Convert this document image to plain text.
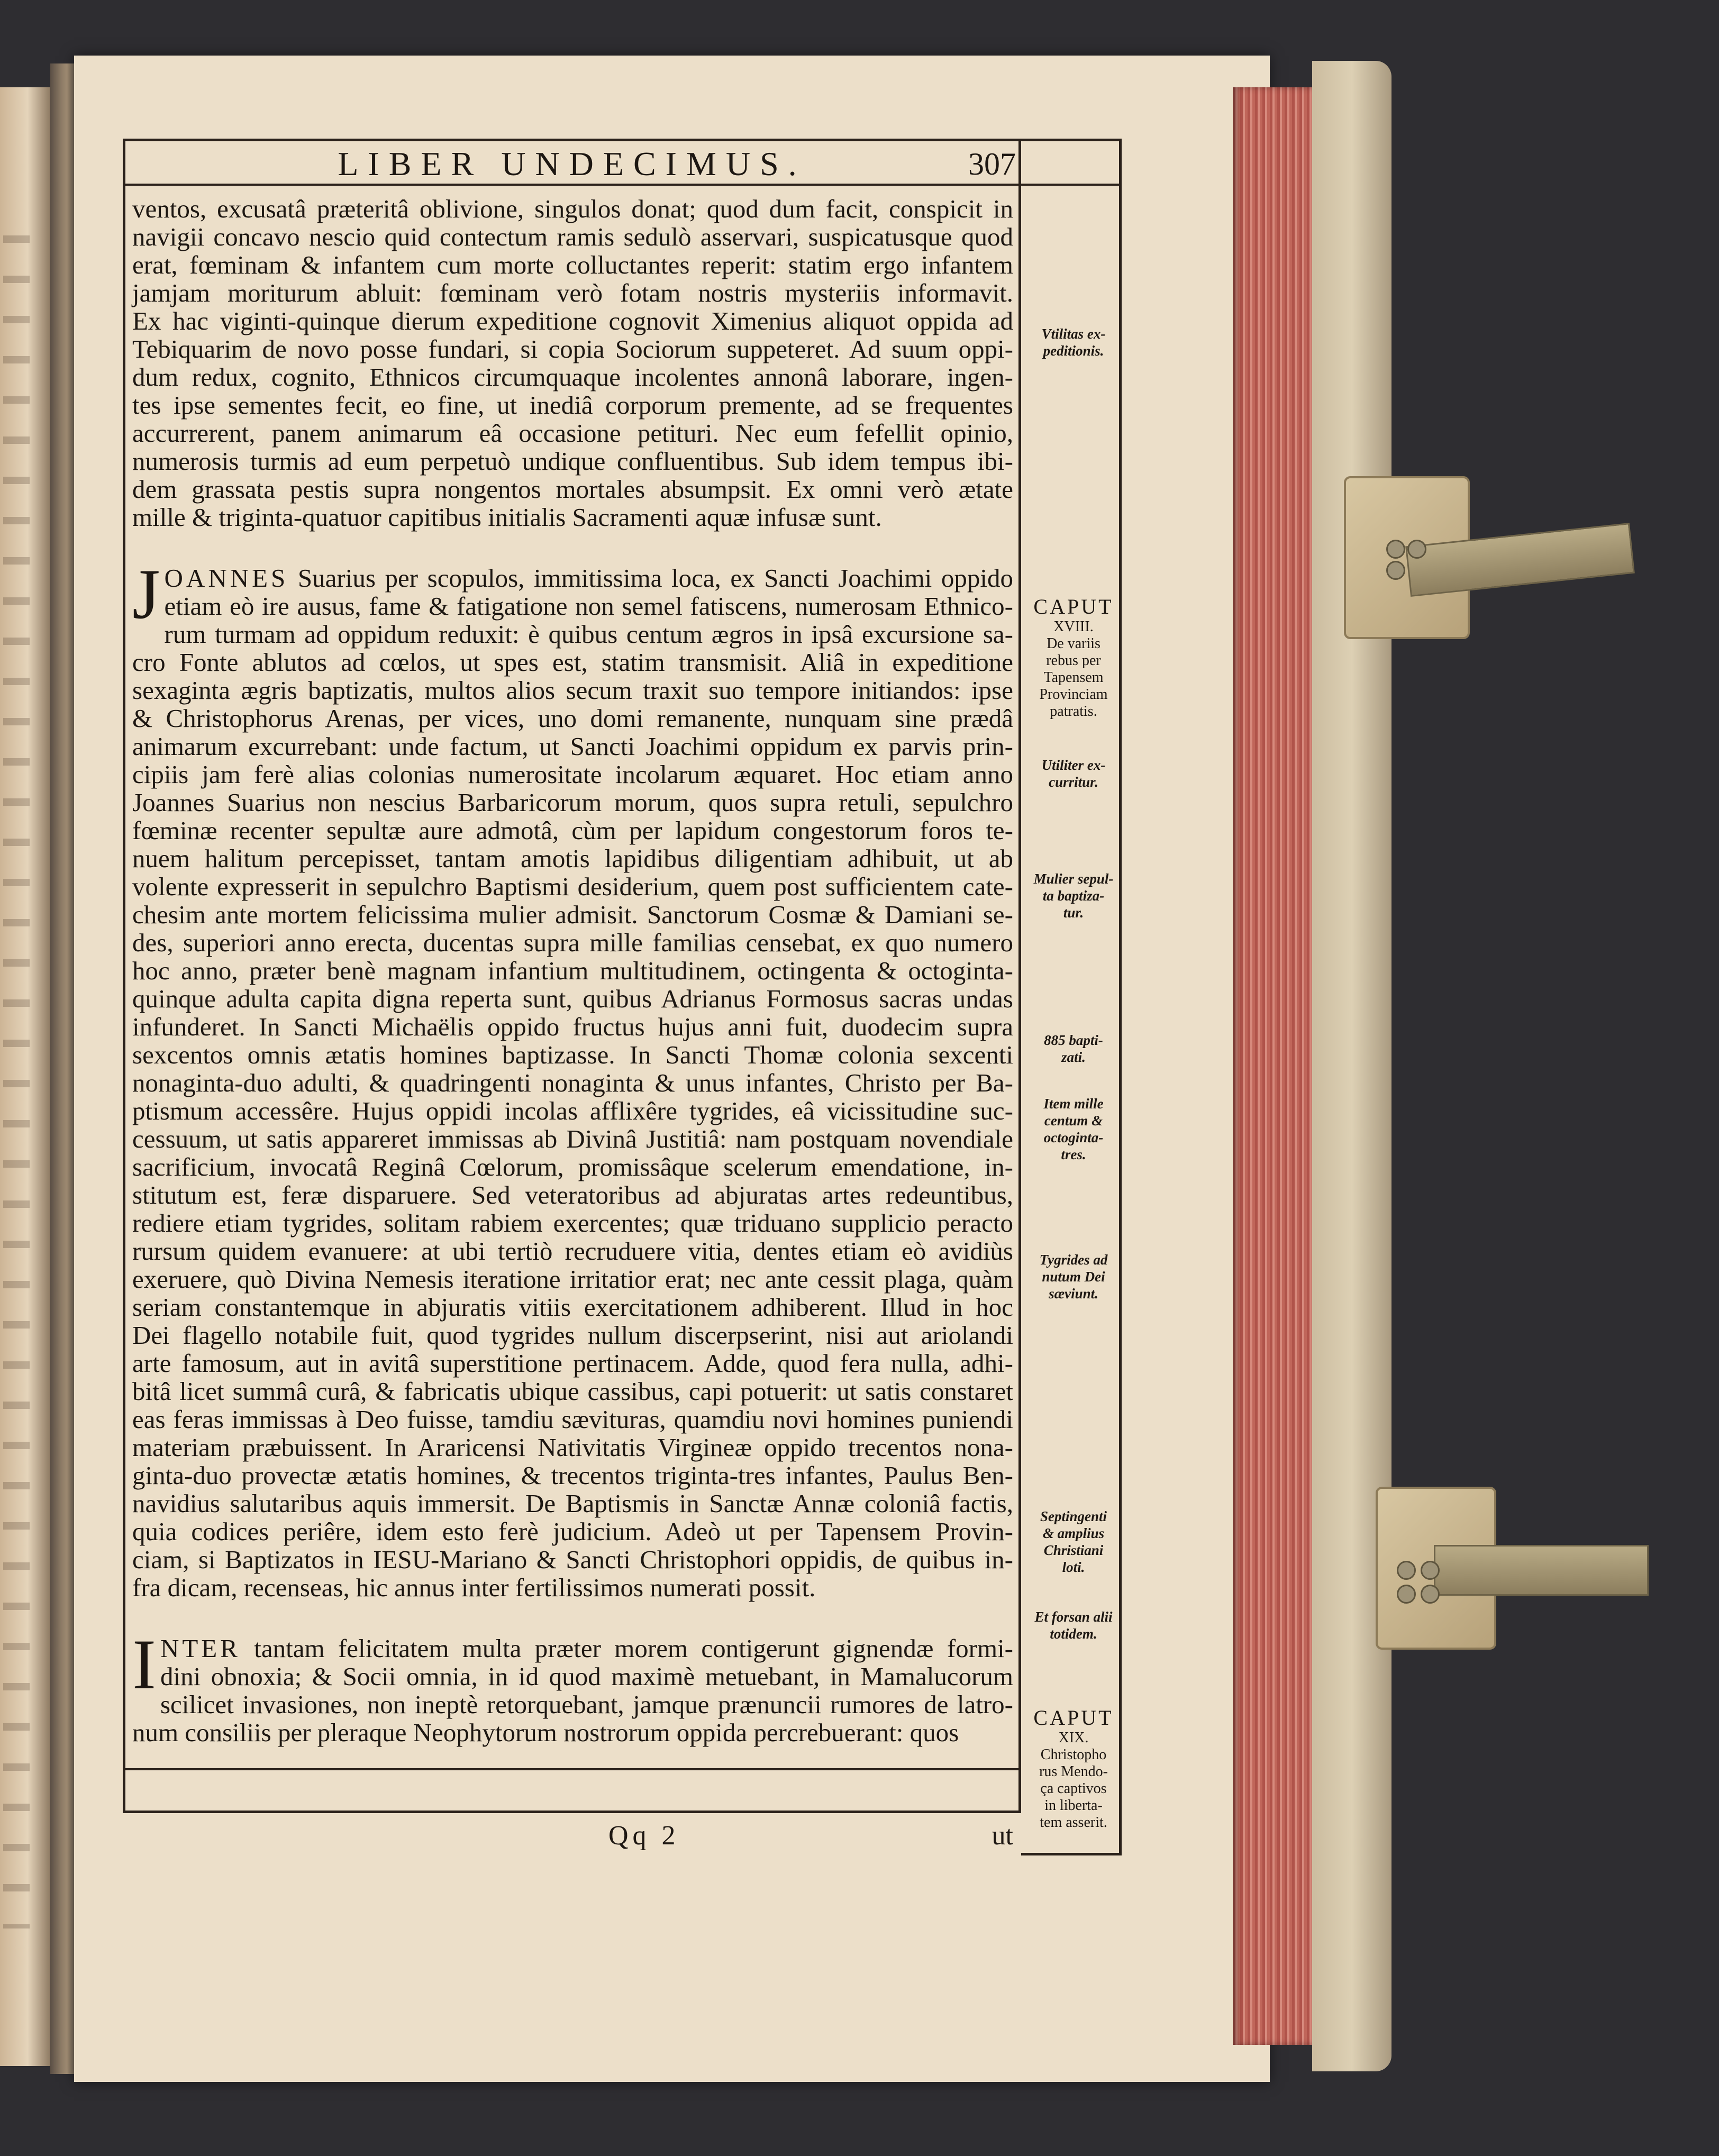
LIBER UNDECIMUS.	307
ventos, excusatâ præteritâ oblivione, singulos donat; quod dum facit, conspicit in
navigii concavo nescio quid contectum ramis sedulò asservari, suspicatusque quod
erat, fœminam & infantem cum morte colluctantes reperit: statim ergo infantem
jamjam moriturum abluit: fœminam verò fotam nostris mysteriis informavit.
Ex hac viginti-quinque dierum expeditione cognovit Ximenius aliquot oppida ad
Tebiquarim de novo posse fundari, si copia Sociorum suppeteret. Ad suum oppi-
dum redux, cognito, Ethnicos circumquaque incolentes annonâ laborare, ingen-
tes ipse sementes fecit, eo fine, ut inediâ corporum premente, ad se frequentes
accurrerent, panem animarum eâ occasione petituri. Nec eum fefellit opinio,
numerosis turmis ad eum perpetuò undique confluentibus. Sub idem tempus ibi-
dem grassata pestis supra nongentos mortales absumpsit. Ex omni verò ætate
mille & triginta-quatuor capitibus initialis Sacramenti aquæ infusæ sunt.
J OANNES Suarius per scopulos, immitissima loca, ex Sancti Joachimi oppido
etiam eò ire ausus, fame & fatigatione non semel fatiscens, numerosam Ethnico-
rum turmam ad oppidum reduxit: è quibus centum ægros in ipsâ excursione sa-
cro Fonte ablutos ad cœlos, ut spes est, statim transmisit. Aliâ in expeditione
sexaginta ægris baptizatis, multos alios secum traxit suo tempore initiandos: ipse
& Christophorus Arenas, per vices, uno domi remanente, nunquam sine prædâ
animarum excurrebant: unde factum, ut Sancti Joachimi oppidum ex parvis prin-
cipiis jam ferè alias colonias numerositate incolarum æquaret. Hoc etiam anno
Joannes Suarius non nescius Barbaricorum morum, quos supra retuli, sepulchro
fœminæ recenter sepultæ aure admotâ, cùm per lapidum congestorum foros te-
nuem halitum percepisset, tantam amotis lapidibus diligentiam adhibuit, ut ab
volente expresserit in sepulchro Baptismi desiderium, quem post sufficientem cate-
chesim ante mortem felicissima mulier admisit. Sanctorum Cosmæ & Damiani se-
des, superiori anno erecta, ducentas supra mille familias censebat, ex quo numero
hoc anno, præter benè magnam infantium multitudinem, octingenta & octoginta-
quinque adulta capita digna reperta sunt, quibus Adrianus Formosus sacras undas
infunderet. In Sancti Michaëlis oppido fructus hujus anni fuit, duodecim supra
sexcentos omnis ætatis homines baptizasse. In Sancti Thomæ colonia sexcenti
nonaginta-duo adulti, & quadringenti nonaginta & unus infantes, Christo per Ba-
ptismum accessêre. Hujus oppidi incolas afflixêre tygrides, eâ vicissitudine suc-
cessuum, ut satis appareret immissas ab Divinâ Justitiâ: nam postquam novendiale
sacrificium, invocatâ Reginâ Cœlorum, promissâque scelerum emendatione, in-
stitutum est, feræ disparuere. Sed veteratoribus ad abjuratas artes redeuntibus,
rediere etiam tygrides, solitam rabiem exercentes; quæ triduano supplicio peracto
rursum quidem evanuere: at ubi tertiò recruduere vitia, dentes etiam eò avidiùs
exeruere, quò Divina Nemesis iteratione irritatior erat; nec ante cessit plaga, quàm
seriam constantemque in abjuratis vitiis exercitationem adhiberent. Illud in hoc
Dei flagello notabile fuit, quod tygrides nullum discerpserint, nisi aut ariolandi
arte famosum, aut in avitâ superstitione pertinacem. Adde, quod fera nulla, adhi-
bitâ licet summâ curâ, & fabricatis ubique cassibus, capi potuerit: ut satis constaret
eas feras immissas à Deo fuisse, tamdiu sævituras, quamdiu novi homines puniendi
materiam præbuissent. In Araricensi Nativitatis Virgineæ oppido trecentos nona-
ginta-duo provectæ ætatis homines, & trecentos triginta-tres infantes, Paulus Ben-
navidius salutaribus aquis immersit. De Baptismis in Sanctæ Annæ coloniâ factis,
quia codices periêre, idem esto ferè judicium. Adeò ut per Tapensem Provin-
ciam, si Baptizatos in IESU-Mariano & Sancti Christophori oppidis, de quibus in-
fra dicam, recenseas, hic annus inter fertilissimos numerati possit.
I NTER tantam felicitatem multa præter morem contigerunt gignendæ formi-
dini obnoxia; & Socii omnia, in id quod maximè metuebant, in Mamalucorum
scilicet invasiones, non ineptè retorquebant, jamque prænuncii rumores de latro-
num consiliis per pleraque Neophytorum nostrorum oppida percrebuerant: quos
Qq 2	ut
Vtilitas ex-
peditionis.
CAPUT
XVIII.
De variis
rebus per
Tapensem
Provinciam
patratis.
Utiliter ex-
curritur.
Mulier sepul-
ta baptiza-
tur.
885 bapti-
zati.
Item mille
centum &
octoginta-
tres.
Tygrides ad
nutum Dei
sæviunt.
Septingenti
& amplius
Christiani
loti.
Et forsan alii
totidem.
CAPUT
XIX.
Christopho
rus Mendo-
ça captivos
in liberta-
tem asserit.
